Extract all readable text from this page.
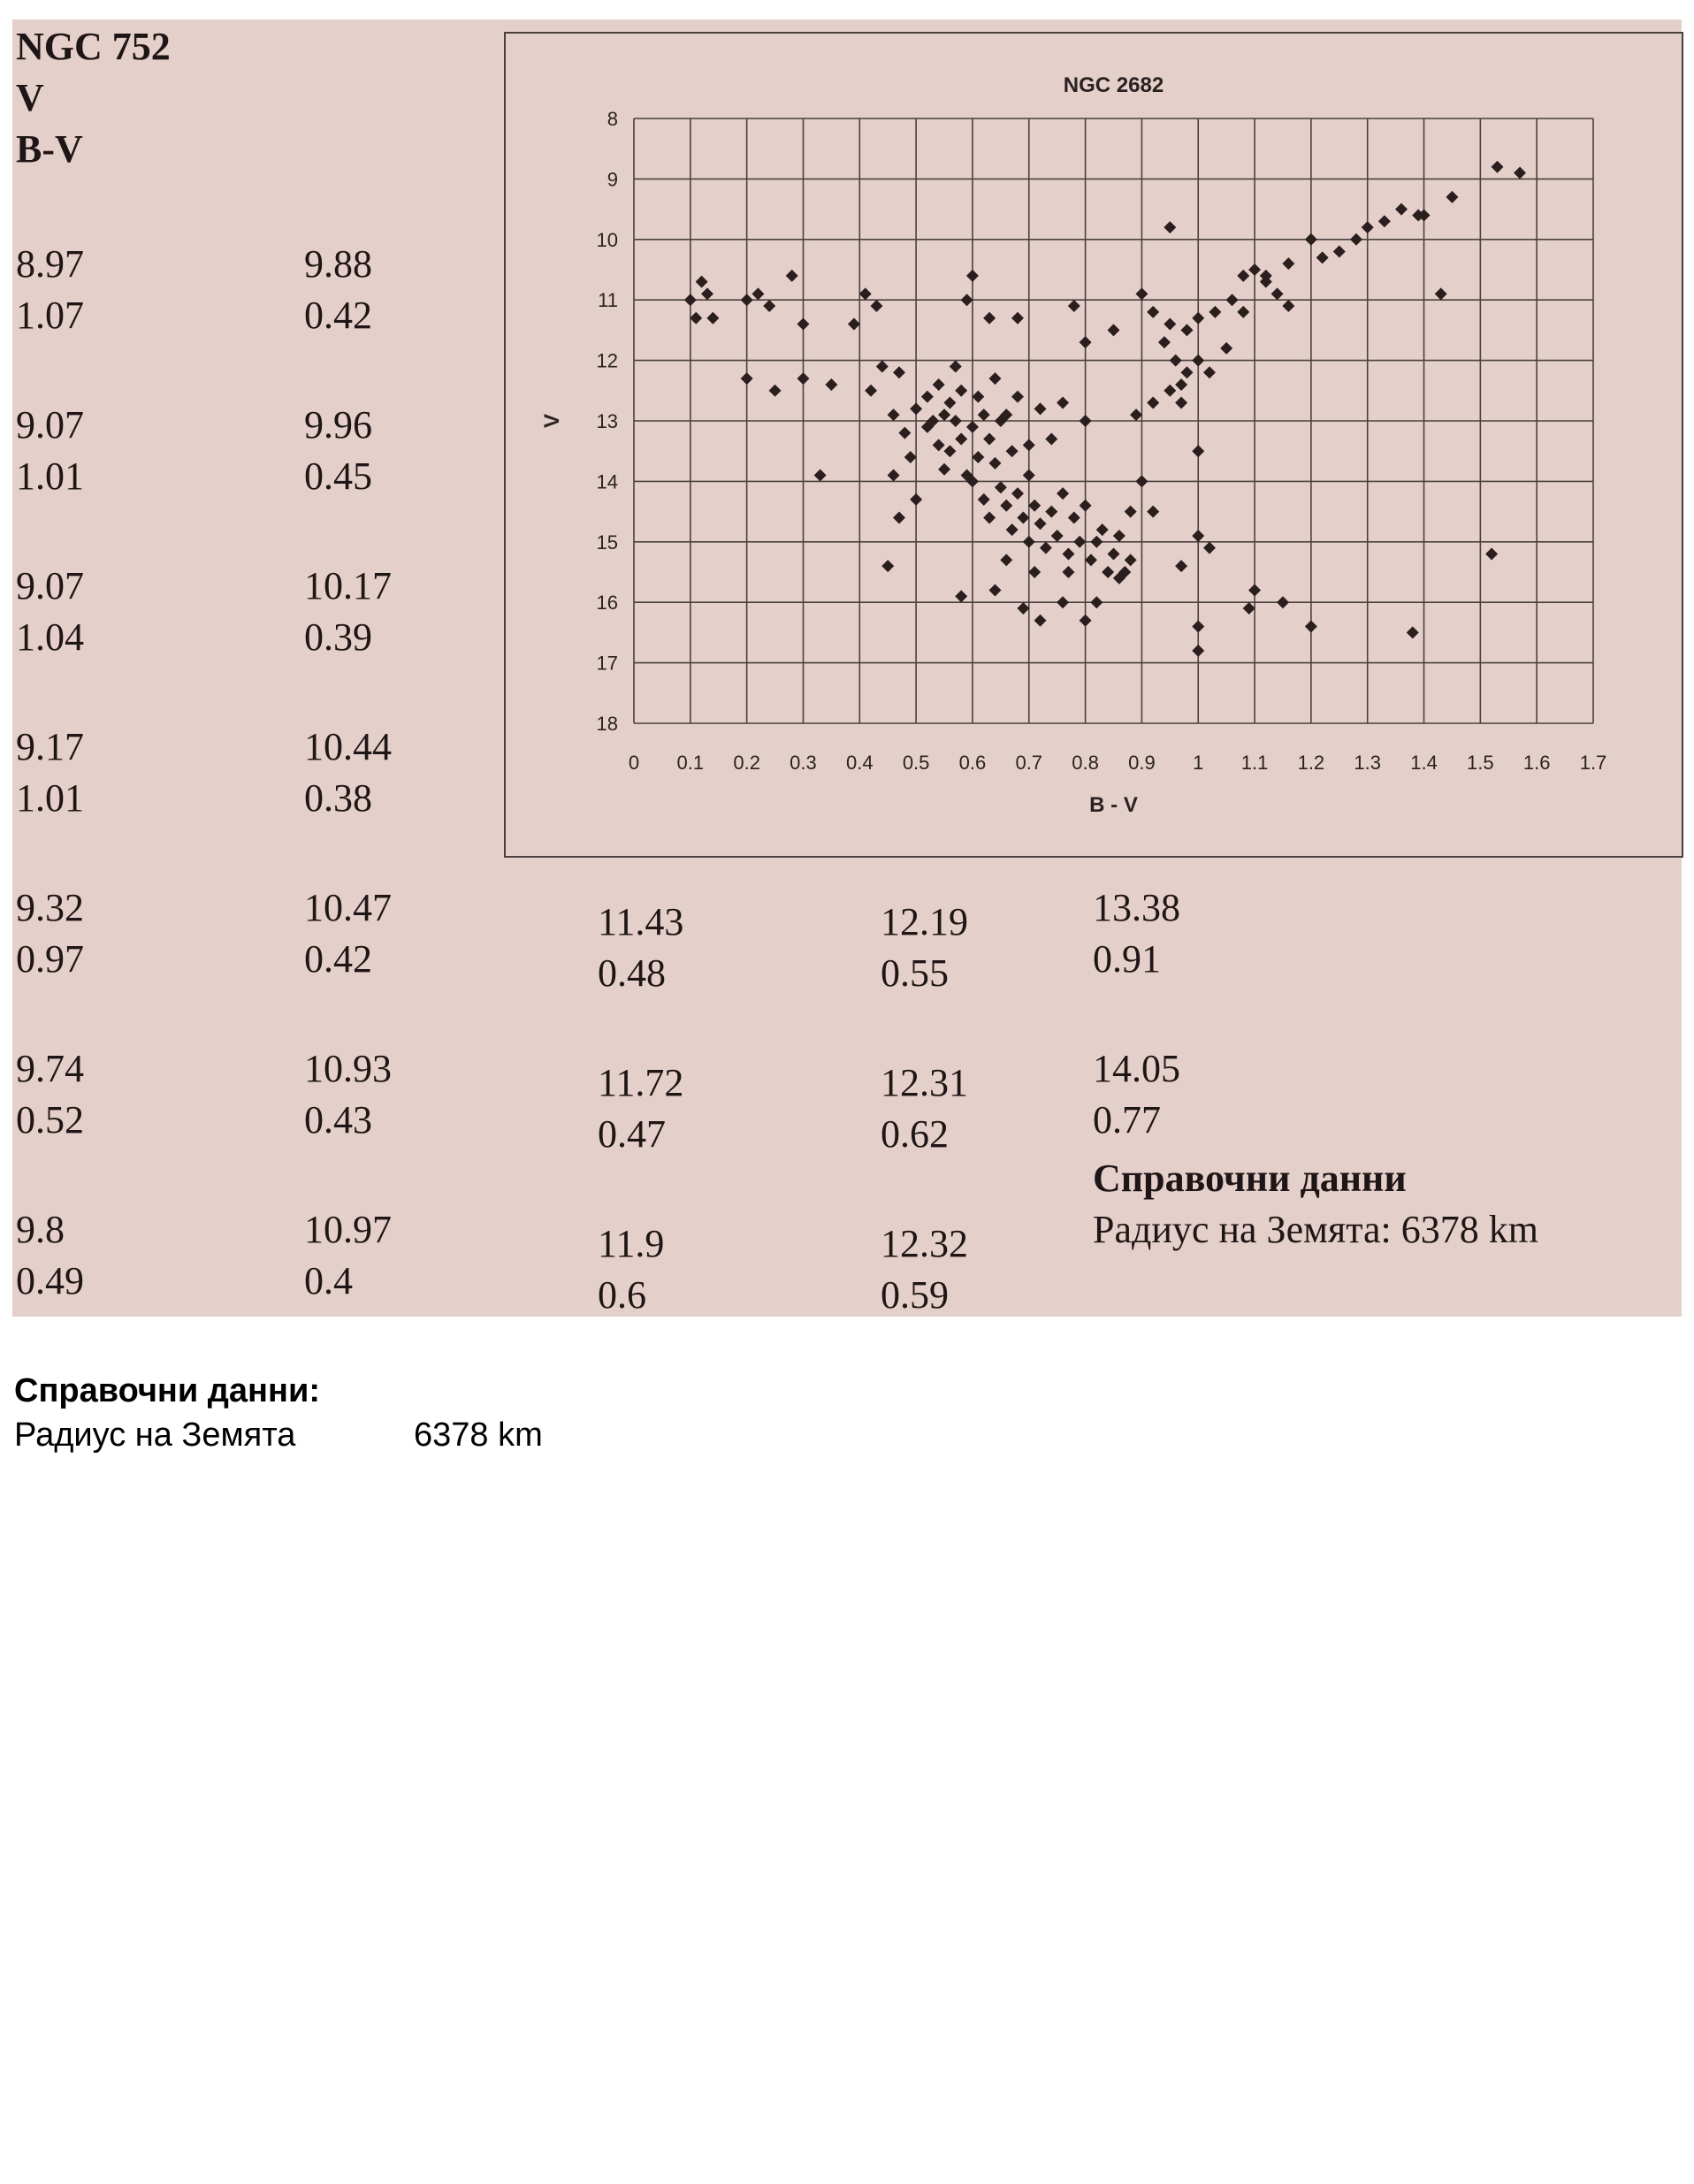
NGC 752
V
B-V
8.97
1.07
9.88
0.42
9.07
1.01
9.96
0.45
9.07
1.04
10.17
0.39
9.17
1.01
10.44
0.38
9.32
0.97
10.47
0.42
11.43
0.48
12.19
0.55
13.38
0.91
9.74
0.52
10.93
0.43
11.72
0.47
12.31
0.62
14.05
0.77
9.8
0.49
10.97
0.4
11.9
0.6
12.32
0.59
0 0.1 0.2 0.3 0.4 0.5 0.6 0.7 0.8 0.9 1 1.1 1.2 1.3 1.4 1.5 1.6 1.7
8
9
10
11
12
13
14
15
16
17
18
NGC 2682
B - V
V
Справочни данни
Радиус на Земята: 6378 km
Справочни данни:
Радиус на Земята	6378 km
